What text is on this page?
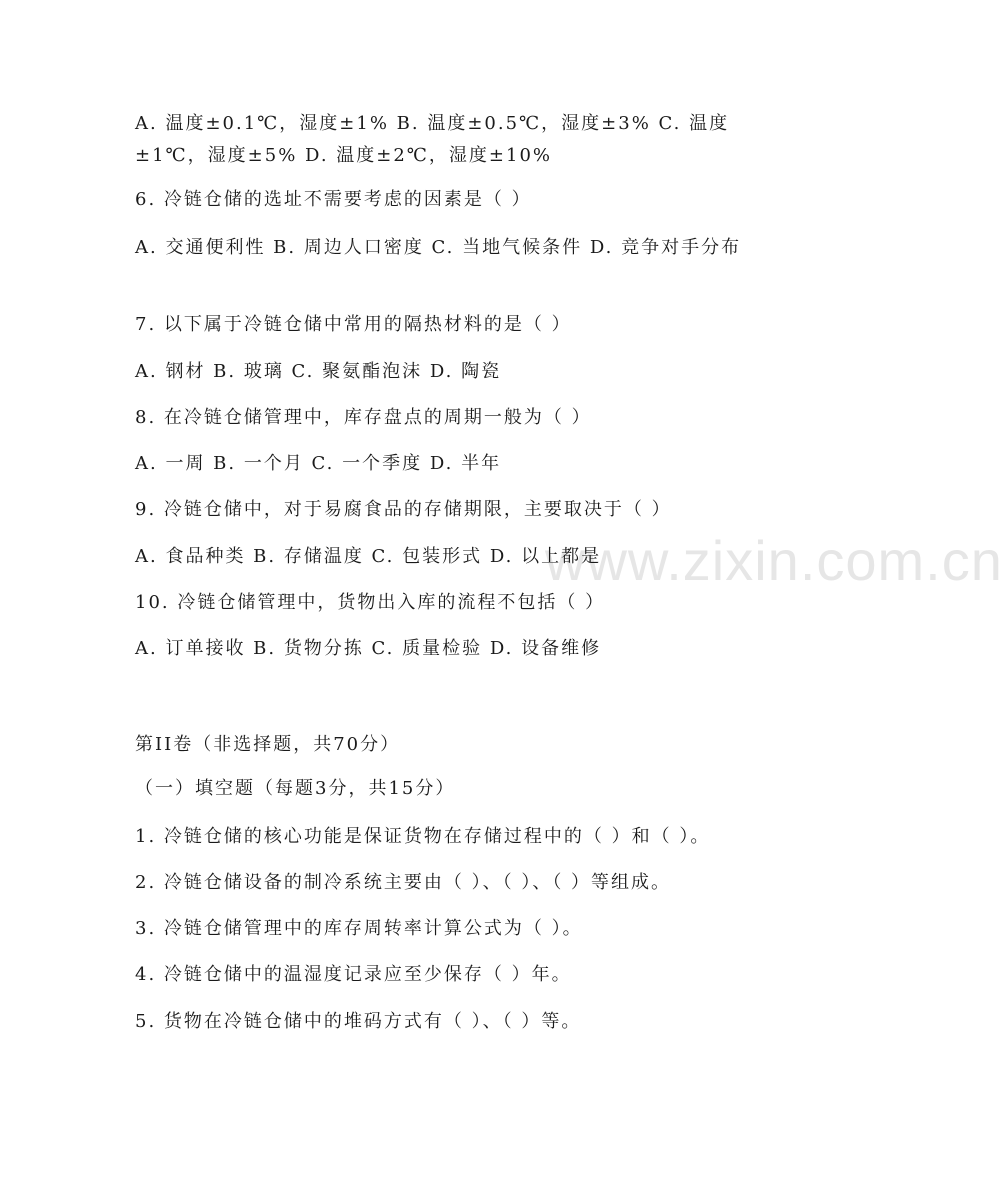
www.zixin.com.cn
A. 温度±0.1℃，湿度±1% B. 温度±0.5℃，湿度±3% C. 温度±1℃，湿度±5% D. 温度±2℃，湿度±10%
6. 冷链仓储的选址不需要考虑的因素是（ ）
A. 交通便利性 B. 周边人口密度 C. 当地气候条件 D. 竞争对手分布
7. 以下属于冷链仓储中常用的隔热材料的是（ ）
A. 钢材 B. 玻璃 C. 聚氨酯泡沫 D. 陶瓷
8. 在冷链仓储管理中，库存盘点的周期一般为（ ）
A. 一周 B. 一个月 C. 一个季度 D. 半年
9. 冷链仓储中，对于易腐食品的存储期限，主要取决于（ ）
A. 食品种类 B. 存储温度 C. 包装形式 D. 以上都是
10. 冷链仓储管理中，货物出入库的流程不包括（ ）
A. 订单接收 B. 货物分拣 C. 质量检验 D. 设备维修
第II卷（非选择题，共70分）
（一）填空题（每题3分，共15分）
1. 冷链仓储的核心功能是保证货物在存储过程中的（ ）和（ ）。
2. 冷链仓储设备的制冷系统主要由（ ）、（ ）、（ ）等组成。
3. 冷链仓储管理中的库存周转率计算公式为（ ）。
4. 冷链仓储中的温湿度记录应至少保存（ ）年。
5. 货物在冷链仓储中的堆码方式有（ ）、（ ）等。
